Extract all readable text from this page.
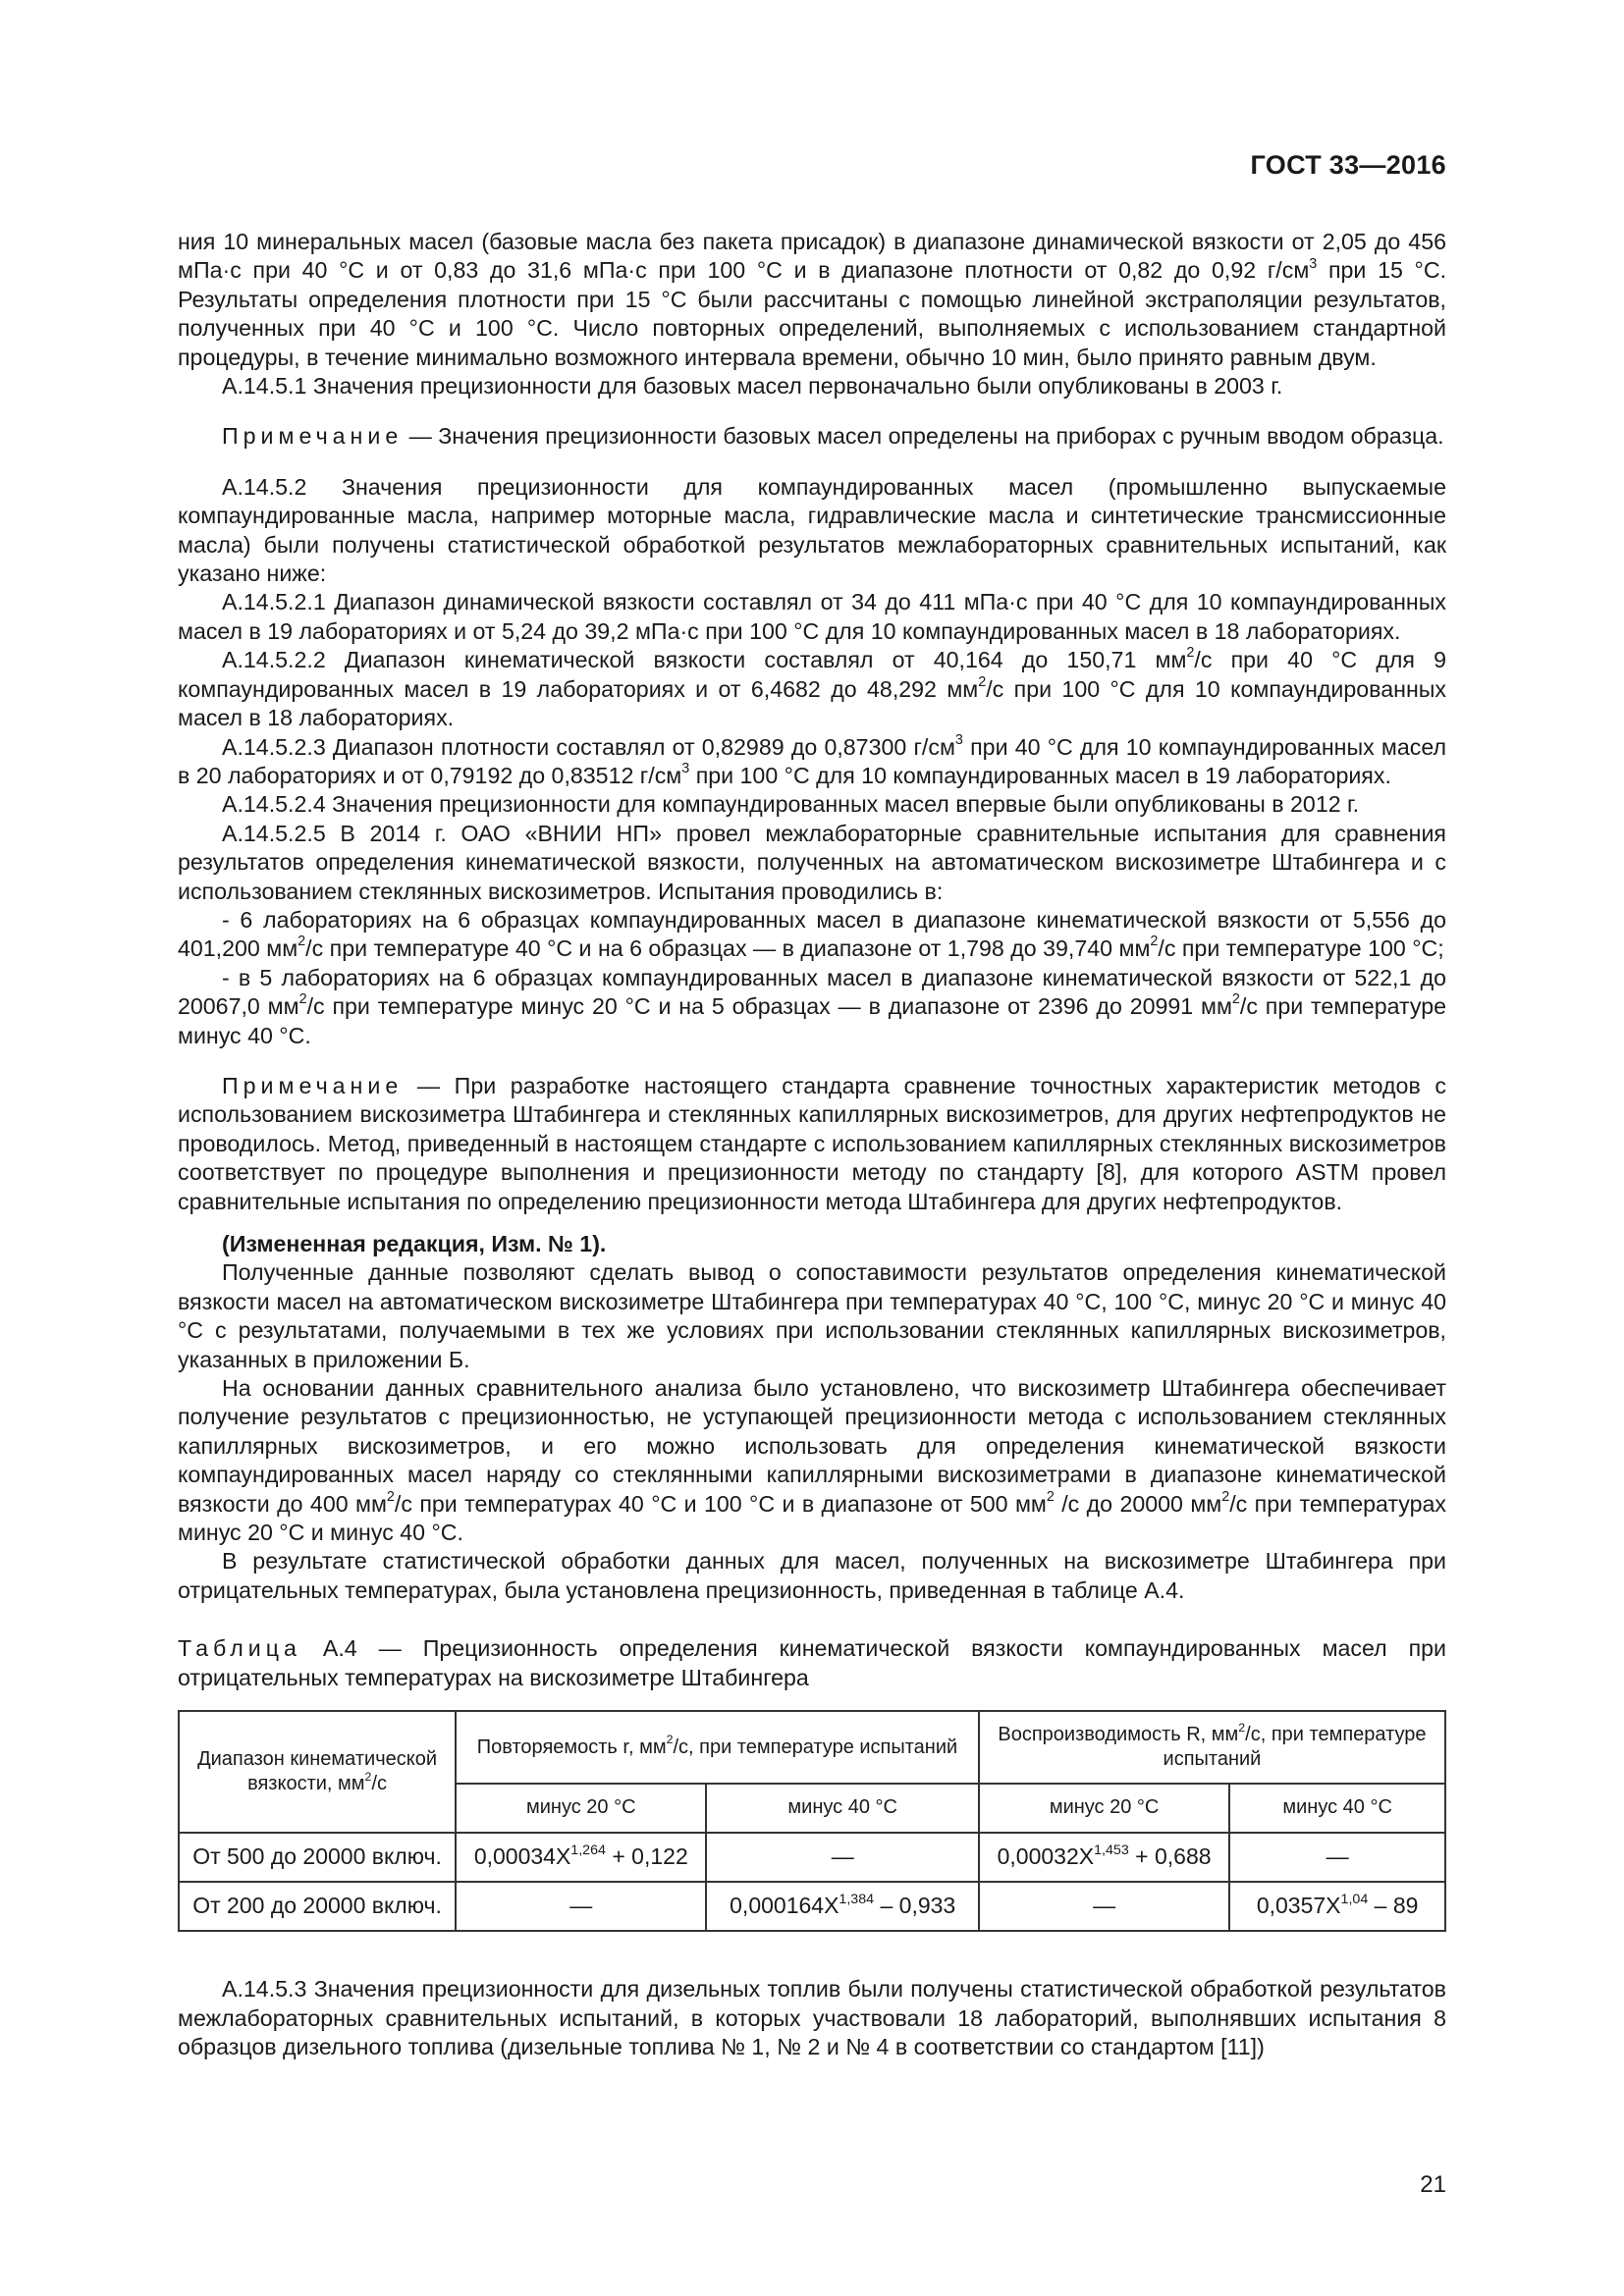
ГОСТ 33—2016

ния 10 минеральных масел (базовые масла без пакета присадок) в диапазоне динамической вязкости от 2,05 до 456 мПа·с при 40 °С и от 0,83 до 31,6 мПа·с при 100 °С и в диапазоне плотности от 0,82 до 0,92 $г/см^3$ при 15 °С. Результаты определения плотности при 15 °С были рассчитаны с помощью линейной экстраполяции результатов, полученных при 40 °С и 100 °С. Число повторных определений, выполняемых с использованием стандартной процедуры, в течение минимально возможного интервала времени, обычно 10 мин, было принято равным двум.

А.14.5.1 Значения прецизионности для базовых масел первоначально были опубликованы в 2003 г.

Примечание — Значения прецизионности базовых масел определены на приборах с ручным вводом образца.

А.14.5.2 Значения прецизионности для компаундированных масел (промышленно выпускаемые компаундированные масла, например моторные масла, гидравлические масла и синтетические трансмиссионные масла) были получены статистической обработкой результатов межлабораторных сравнительных испытаний, как указано ниже:

А.14.5.2.1 Диапазон динамической вязкости составлял от 34 до 411 мПа·с при 40 °С для 10 компаундированных масел в 19 лабораториях и от 5,24 до 39,2 мПа·с при 100 °С для 10 компаундированных масел в 18 лабораториях.

А.14.5.2.2 Диапазон кинематической вязкости составлял от 40,164 до 150,71 $мм^2/с$ при 40 °С для 9 компаундированных масел в 19 лабораториях и от 6,4682 до 48,292 $мм^2/с$ при 100 °С для 10 компаундированных масел в 18 лабораториях.

А.14.5.2.3 Диапазон плотности составлял от 0,82989 до 0,87300 $г/см^3$ при 40 °С для 10 компаундированных масел в 20 лабораториях и от 0,79192 до 0,83512 $г/см^3$ при 100 °С для 10 компаундированных масел в 19 лабораториях.

А.14.5.2.4 Значения прецизионности для компаундированных масел впервые были опубликованы в 2012 г.

А.14.5.2.5 В 2014 г. ОАО «ВНИИ НП» провел межлабораторные сравнительные испытания для сравнения результатов определения кинематической вязкости, полученных на автоматическом вискозиметре Штабингера и с использованием стеклянных вискозиметров. Испытания проводились в:

- 6 лабораториях на 6 образцах компаундированных масел в диапазоне кинематической вязкости от 5,556 до 401,200 $мм^2/с$ при температуре 40 °С и на 6 образцах — в диапазоне от 1,798 до 39,740 $мм^2/с$ при температуре 100 °С;

- в 5 лабораториях на 6 образцах компаундированных масел в диапазоне кинематической вязкости от 522,1 до 20067,0 $мм^2/с$ при температуре минус 20 °С и на 5 образцах — в диапазоне от 2396 до 20991 $мм^2/с$ при температуре минус 40 °С.

Примечание — При разработке настоящего стандарта сравнение точностных характеристик методов с использованием вискозиметра Штабингера и стеклянных капиллярных вискозиметров, для других нефтепродуктов не проводилось. Метод, приведенный в настоящем стандарте с использованием капиллярных стеклянных вискозиметров соответствует по процедуре выполнения и прецизионности методу по стандарту [8], для которого ASTM провел сравнительные испытания по определению прецизионности метода Штабингера для других нефтепродуктов.

(Измененная редакция, Изм. № 1).

Полученные данные позволяют сделать вывод о сопоставимости результатов определения кинематической вязкости масел на автоматическом вискозиметре Штабингера при температурах 40 °С, 100 °С, минус 20 °С и минус 40 °С с результатами, получаемыми в тех же условиях при использовании стеклянных капиллярных вискозиметров, указанных в приложении Б.

На основании данных сравнительного анализа было установлено, что вискозиметр Штабингера обеспечивает получение результатов с прецизионностью, не уступающей прецизионности метода с использованием стеклянных капиллярных вискозиметров, и его можно использовать для определения кинематической вязкости компаундированных масел наряду со стеклянными капиллярными вискозиметрами в диапазоне кинематической вязкости до 400 $мм^2/с$ при температурах 40 °С и 100 °С и в диапазоне от 500 $мм^2$ /с до 20000 $мм^2/с$ при температурах минус 20 °С и минус 40 °С.

В результате статистической обработки данных для масел, полученных на вискозиметре Штабингера при отрицательных температурах, была установлена прецизионность, приведенная в таблице А.4.

Таблица А.4 — Прецизионность определения кинематической вязкости компаундированных масел при отрицательных температурах на вискозиметре Штабингера

Диапазон кинематической вязкости, $мм^2/с$	Повторяемость r, $мм^2/с$, при температуре испытаний		Воспроизводимость R, $мм^2/с$, при температуре испытаний	
	минус 20 °С	минус 40 °С	минус 20 °С	минус 40 °С
От 500 до 20000 включ.	$0,00034X^{1,264} + 0,122$	—	$0,00032X^{1,453} + 0,688$	—
От 200 до 20000 включ.	—	$0,000164X^{1,384} - 0,933$	—	$0,0357X^{1,04} - 89$

А.14.5.3 Значения прецизионности для дизельных топлив были получены статистической обработкой результатов межлабораторных сравнительных испытаний, в которых участвовали 18 лабораторий, выполнявших испытания 8 образцов дизельного топлива (дизельные топлива № 1, № 2 и № 4 в соответствии со стандартом [11])

21
